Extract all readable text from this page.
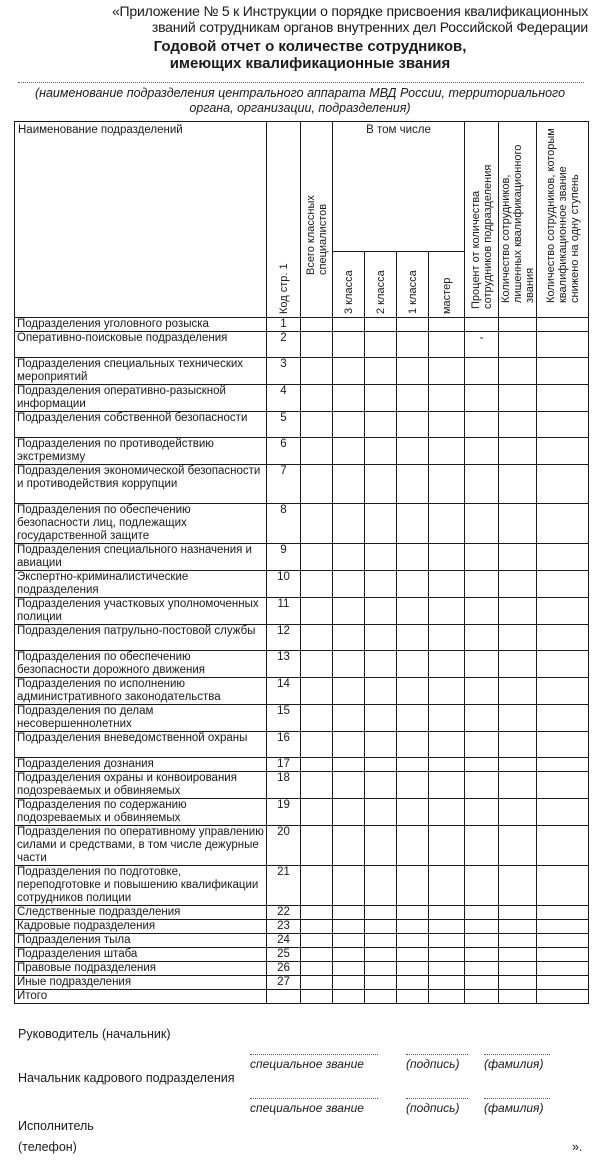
«Приложение № 5 к Инструкции о порядке присвоения квалификационных
званий сотрудникам органов внутренних дел Российской Федерации
Годовой отчет о количестве сотрудников,
имеющих квалификационные звания
(наименование подразделения центрального аппарата МВД России, территориального
органа, организации, подразделения)
Наименование подразделений	Код стр. 1	Всего классных специалистов	В том числе				Процент от количества сотрудников подразделения	Количество сотрудников, лишенных квалификационного звания	Количество сотрудников, которым квалификационное звание снижено на одну ступень

			3 класса	2 класса	1 класса	мастер			

Подразделения уголовного розыска	1								
Оперативно-поисковые подразделения	2						-		
Подразделения специальных технических мероприятий	3								
Подразделения оперативно-разыскной информации	4								
Подразделения собственной безопасности	5								
Подразделения по противодействию экстремизму	6								
Подразделения экономической безопасности и противодействия коррупции	7								
Подразделения по обеспечению безопасности лиц, подлежащих государственной защите	8								
Подразделения специального назначения и авиации	9								
Экспертно-криминалистические подразделения	10								
Подразделения участковых уполномоченных полиции	11								
Подразделения патрульно-постовой службы	12								
Подразделения по обеспечению безопасности дорожного движения	13								
Подразделения по исполнению административного законодательства	14								
Подразделения по делам несовершеннолетних	15								
Подразделения вневедомственной охраны	16								
Подразделения дознания	17								
Подразделения охраны и конвоирования подозреваемых и обвиняемых	18								
Подразделения по содержанию подозреваемых и обвиняемых	19								
Подразделения по оперативному управлению силами и средствами, в том числе дежурные части	20								
Подразделения по подготовке, переподготовке и повышению квалификации сотрудников полиции	21								
Следственные подразделения	22								
Кадровые подразделения	23								
Подразделения тыла	24								
Подразделения штаба	25								
Правовые подразделения	26								
Иные подразделения	27								
Итого									
Руководитель (начальник)
специальное звание	(подпись) (фамилия)
Начальник кадрового подразделения
специальное звание	(подпись) (фамилия)
Исполнитель
(телефон)	».
